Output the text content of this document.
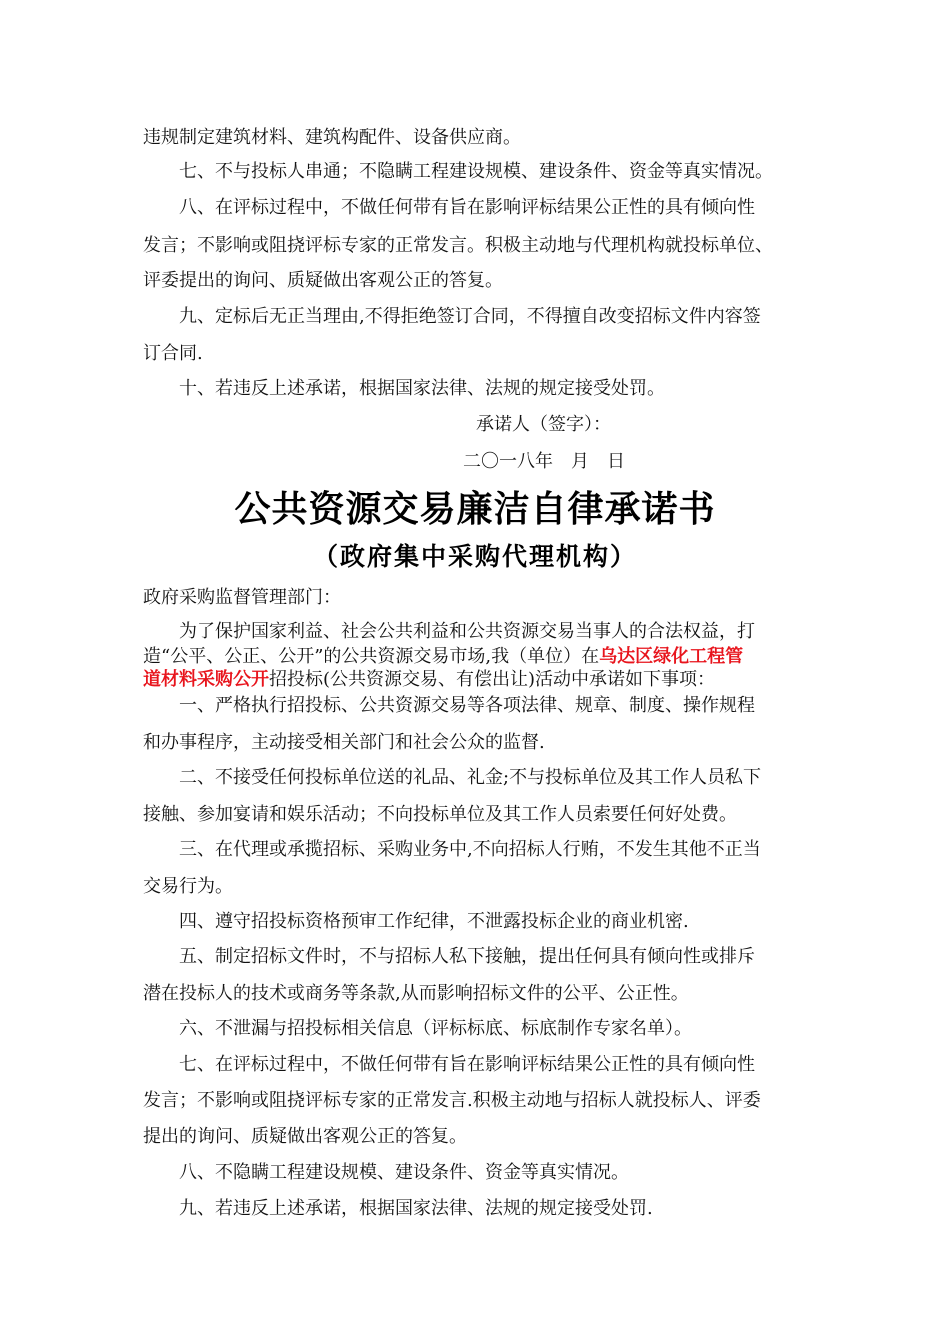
违规制定建筑材料、建筑构配件、设备供应商。
七、不与投标人串通；不隐瞒工程建设规模、建设条件、资金等真实情况。
八、在评标过程中，不做任何带有旨在影响评标结果公正性的具有倾向性
发言；不影响或阻挠评标专家的正常发言。积极主动地与代理机构就投标单位、
评委提出的询问、质疑做出客观公正的答复。
九、定标后无正当理由,不得拒绝签订合同，不得擅自改变招标文件内容签
订合同.
十、若违反上述承诺，根据国家法律、法规的规定接受处罚。
承诺人（签字）：
二〇一八年　月　日
公共资源交易廉洁自律承诺书
（政府集中采购代理机构）
政府采购监督管理部门：
为了保护国家利益、社会公共利益和公共资源交易当事人的合法权益，打
造“公平、公正、公开”的公共资源交易市场,我（单位）在乌达区绿化工程管
道材料采购公开招投标(公共资源交易、有偿出让)活动中承诺如下事项：
一、严格执行招投标、公共资源交易等各项法律、规章、制度、操作规程
和办事程序，主动接受相关部门和社会公众的监督.
二、不接受任何投标单位送的礼品、礼金;不与投标单位及其工作人员私下
接触、参加宴请和娱乐活动；不向投标单位及其工作人员索要任何好处费。
三、在代理或承揽招标、采购业务中,不向招标人行贿，不发生其他不正当
交易行为。
四、遵守招投标资格预审工作纪律，不泄露投标企业的商业机密.
五、制定招标文件时，不与招标人私下接触，提出任何具有倾向性或排斥
潜在投标人的技术或商务等条款,从而影响招标文件的公平、公正性。
六、不泄漏与招投标相关信息（评标标底、标底制作专家名单）。
七、在评标过程中，不做任何带有旨在影响评标结果公正性的具有倾向性
发言；不影响或阻挠评标专家的正常发言.积极主动地与招标人就投标人、评委
提出的询问、质疑做出客观公正的答复。
八、不隐瞒工程建设规模、建设条件、资金等真实情况。
九、若违反上述承诺，根据国家法律、法规的规定接受处罚.
